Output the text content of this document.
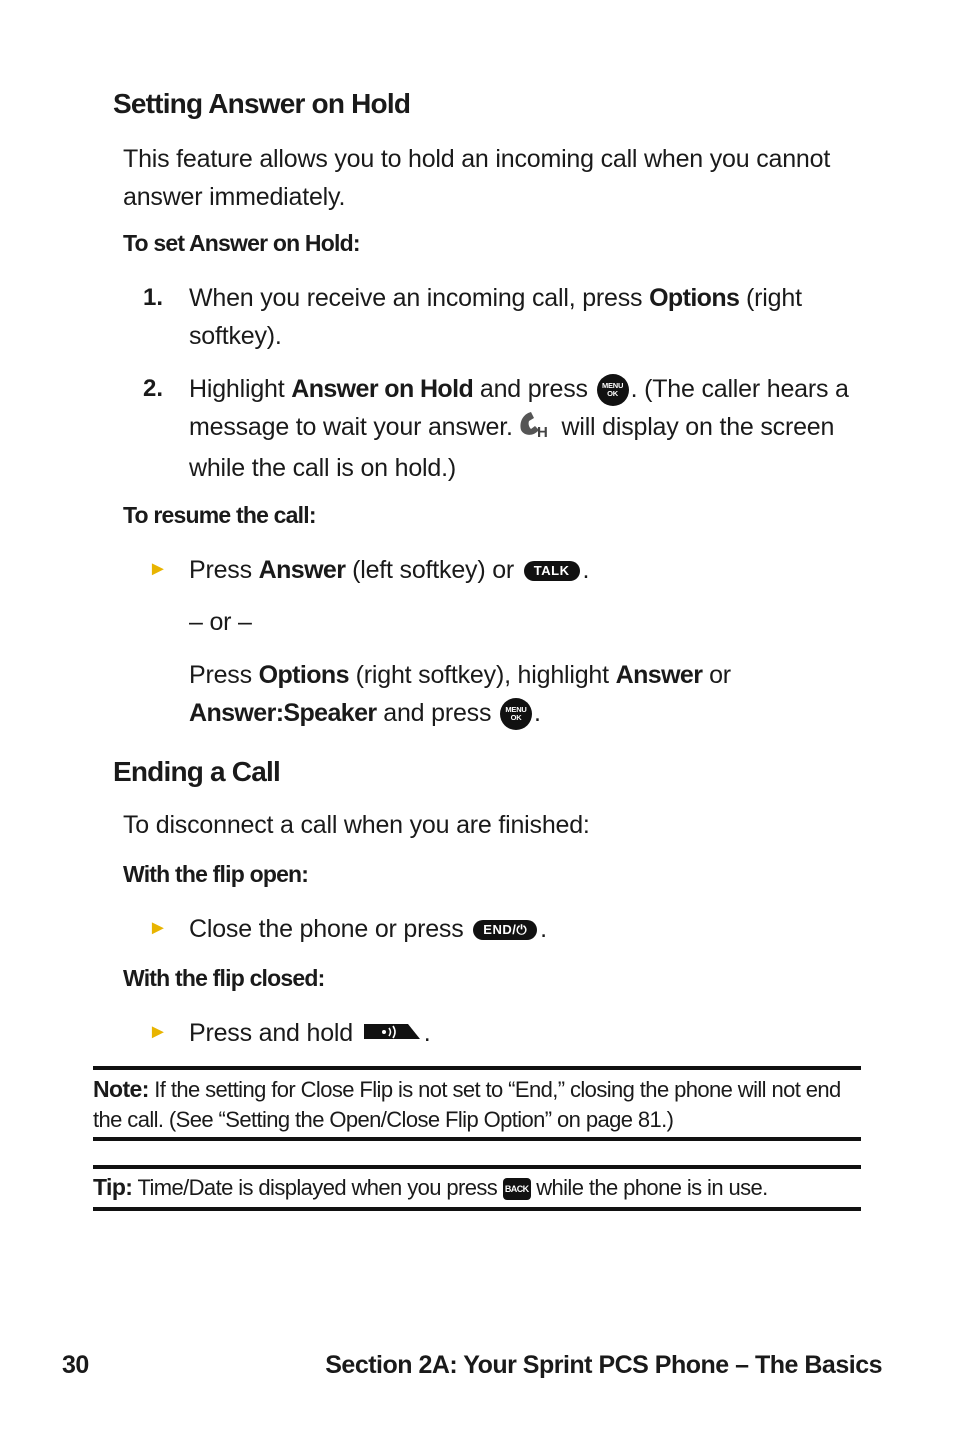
Setting Answer on Hold
This feature allows you to hold an incoming call when you cannot answer immediately.
To set Answer on Hold:
1. When you receive an incoming call, press Options (right softkey).
2. Highlight Answer on Hold and press MENU
OK . (The caller hears a message to wait your answer. H will display on the screen while the call is on hold.)
To resume the call:
► Press Answer (left softkey) or TALK .
– or –
Press Options (right softkey), highlight Answer or Answer:Speaker and press MENU
OK .
Ending a Call
To disconnect a call when you are finished:
With the flip open:
► Close the phone or press END/⏻ .
With the flip closed:
► Press and hold	.
Note: If the setting for Close Flip is not set to “End,” closing the phone will not end the call. (See “Setting the Open/Close Flip Option” on page 81.)
Tip: Time/Date is displayed when you press BACK while the phone is in use.
30	Section 2A: Your Sprint PCS Phone – The Basics
